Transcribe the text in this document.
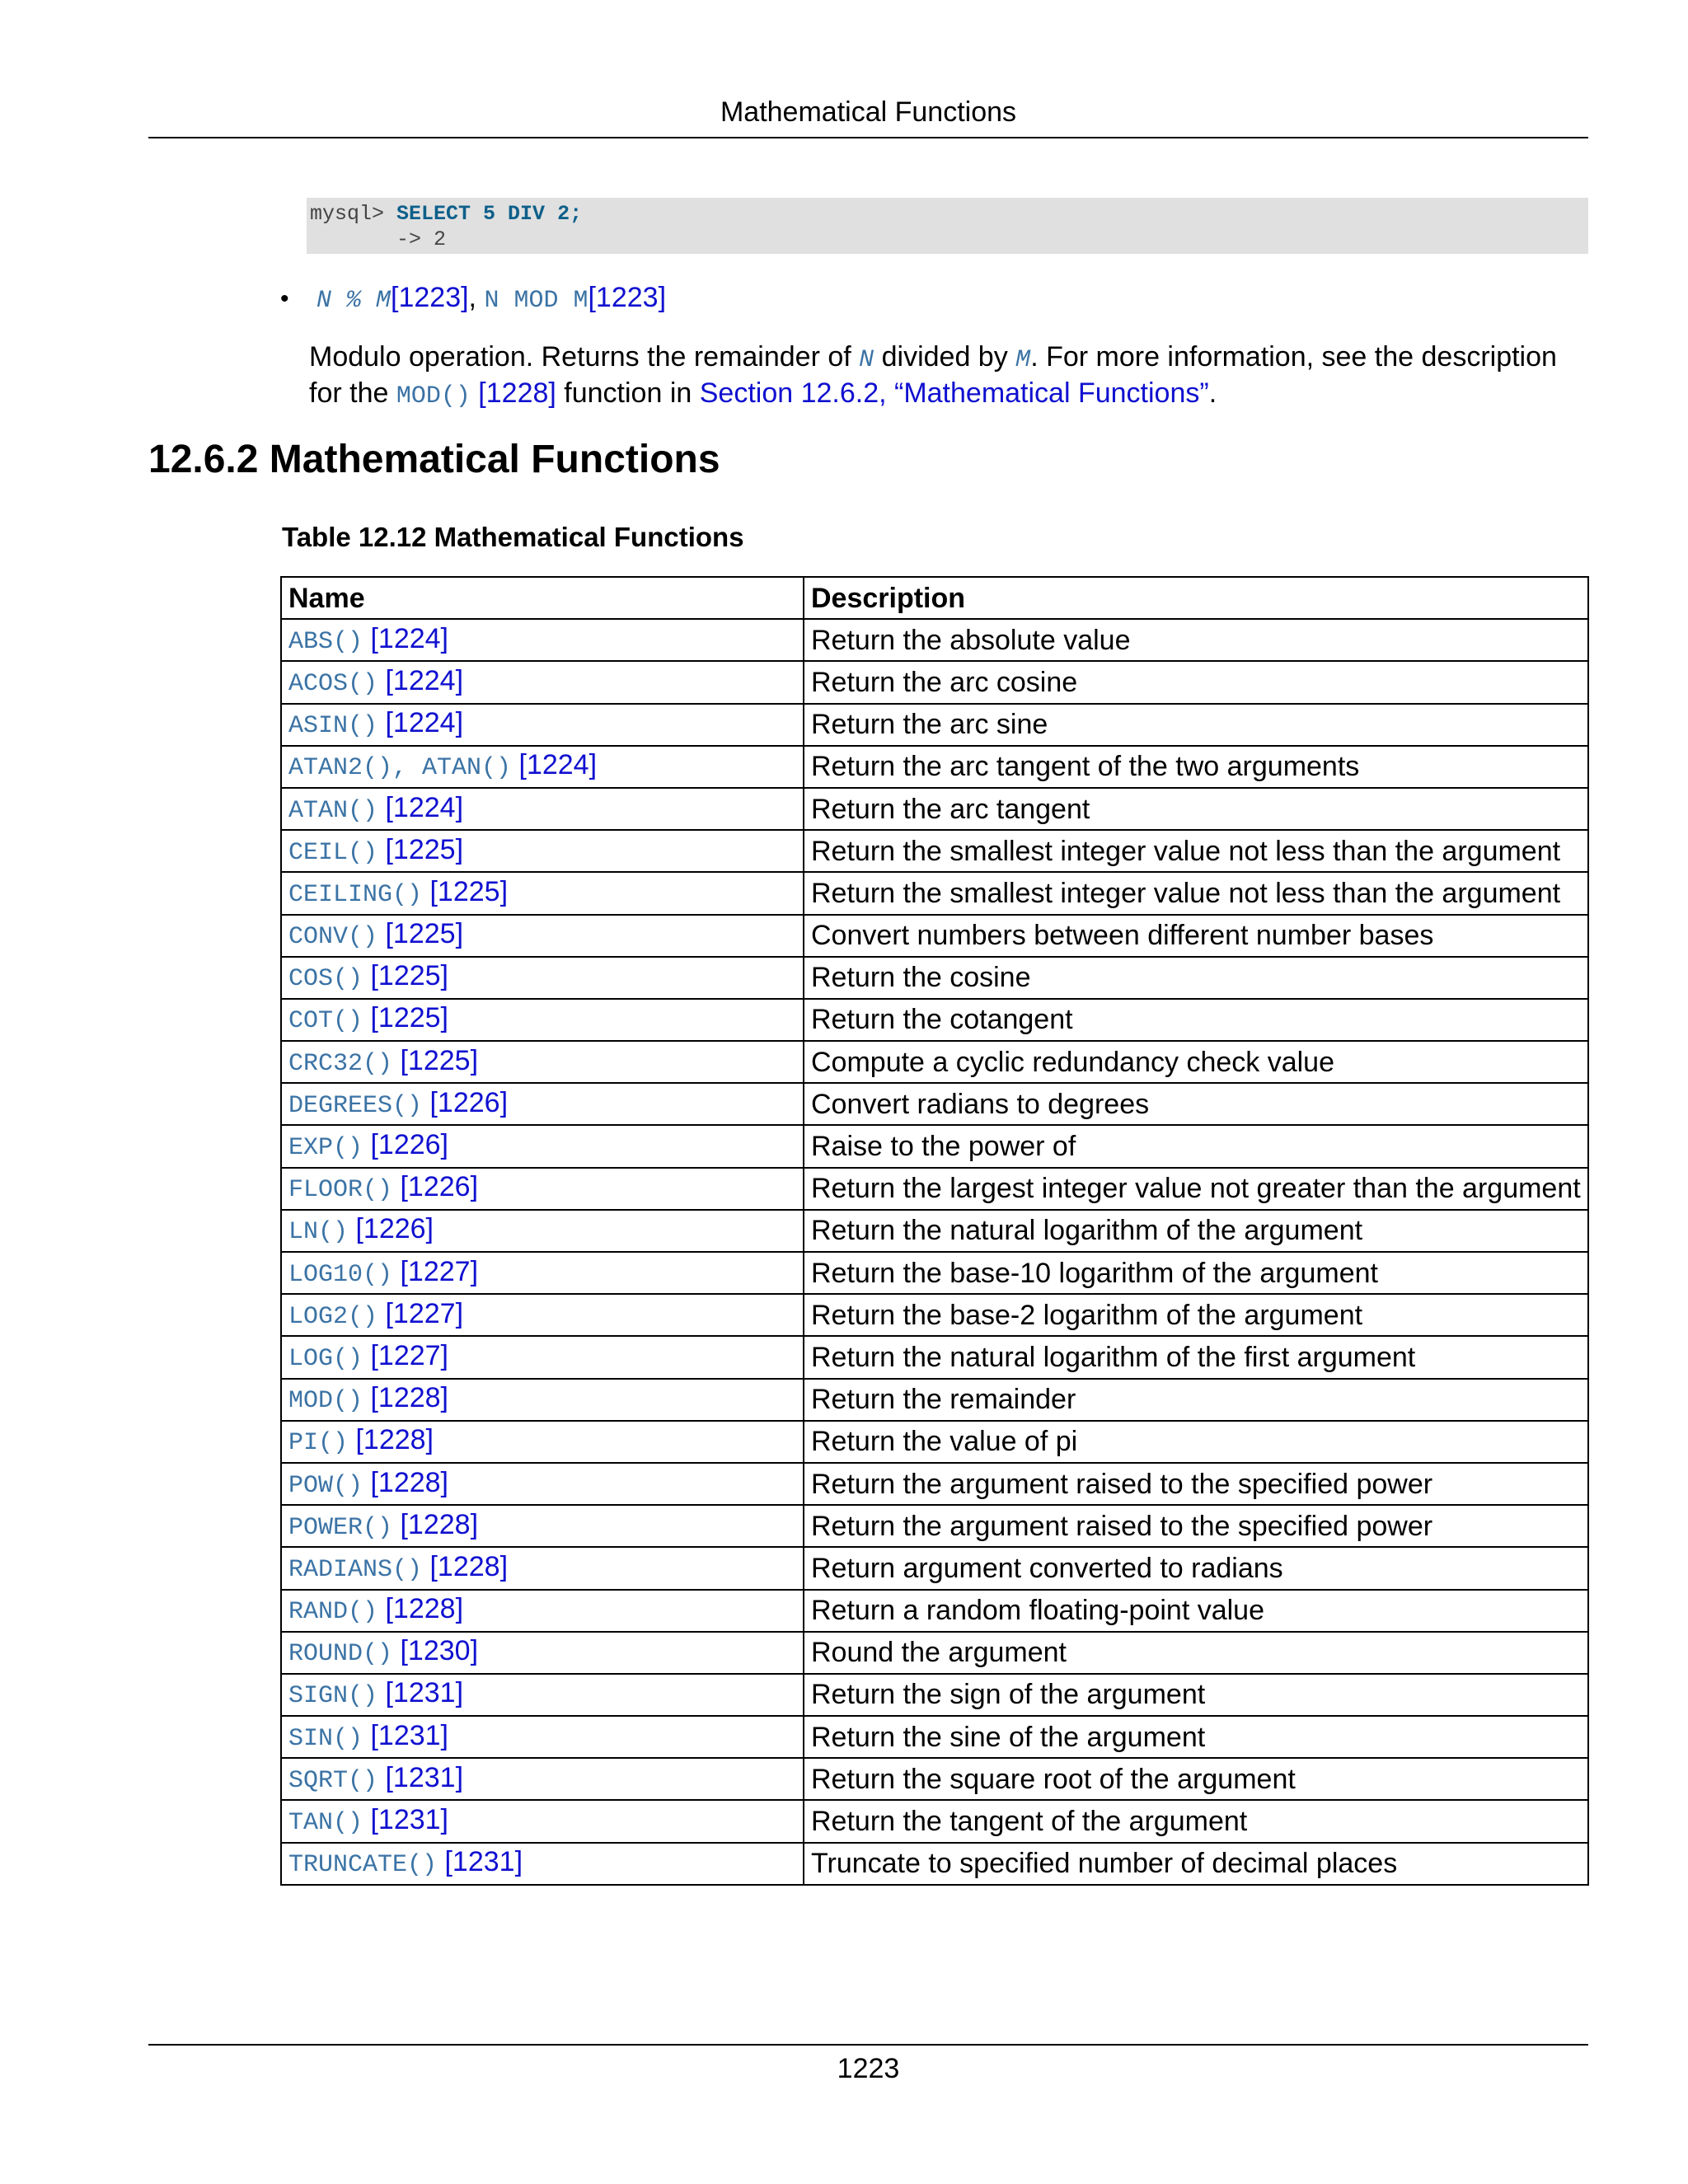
Mathematical Functions
mysql> SELECT 5 DIV 2;
-> 2
• N % M[1223], N MOD M[1223]
Modulo operation. Returns the remainder of N divided by M. For more information, see the description for the MOD() [1228] function in Section 12.6.2, “Mathematical Functions”.
12.6.2 Mathematical Functions
Table 12.12 Mathematical Functions
Name	Description
ABS() [1224]	Return the absolute value
ACOS() [1224]	Return the arc cosine
ASIN() [1224]	Return the arc sine
ATAN2(), ATAN() [1224]	Return the arc tangent of the two arguments
ATAN() [1224]	Return the arc tangent
CEIL() [1225]	Return the smallest integer value not less than the argument
CEILING() [1225]	Return the smallest integer value not less than the argument
CONV() [1225]	Convert numbers between different number bases
COS() [1225]	Return the cosine
COT() [1225]	Return the cotangent
CRC32() [1225]	Compute a cyclic redundancy check value
DEGREES() [1226]	Convert radians to degrees
EXP() [1226]	Raise to the power of
FLOOR() [1226]	Return the largest integer value not greater than the argument
LN() [1226]	Return the natural logarithm of the argument
LOG10() [1227]	Return the base-10 logarithm of the argument
LOG2() [1227]	Return the base-2 logarithm of the argument
LOG() [1227]	Return the natural logarithm of the first argument
MOD() [1228]	Return the remainder
PI() [1228]	Return the value of pi
POW() [1228]	Return the argument raised to the specified power
POWER() [1228]	Return the argument raised to the specified power
RADIANS() [1228]	Return argument converted to radians
RAND() [1228]	Return a random floating-point value
ROUND() [1230]	Round the argument
SIGN() [1231]	Return the sign of the argument
SIN() [1231]	Return the sine of the argument
SQRT() [1231]	Return the square root of the argument
TAN() [1231]	Return the tangent of the argument
TRUNCATE() [1231]	Truncate to specified number of decimal places
1223
